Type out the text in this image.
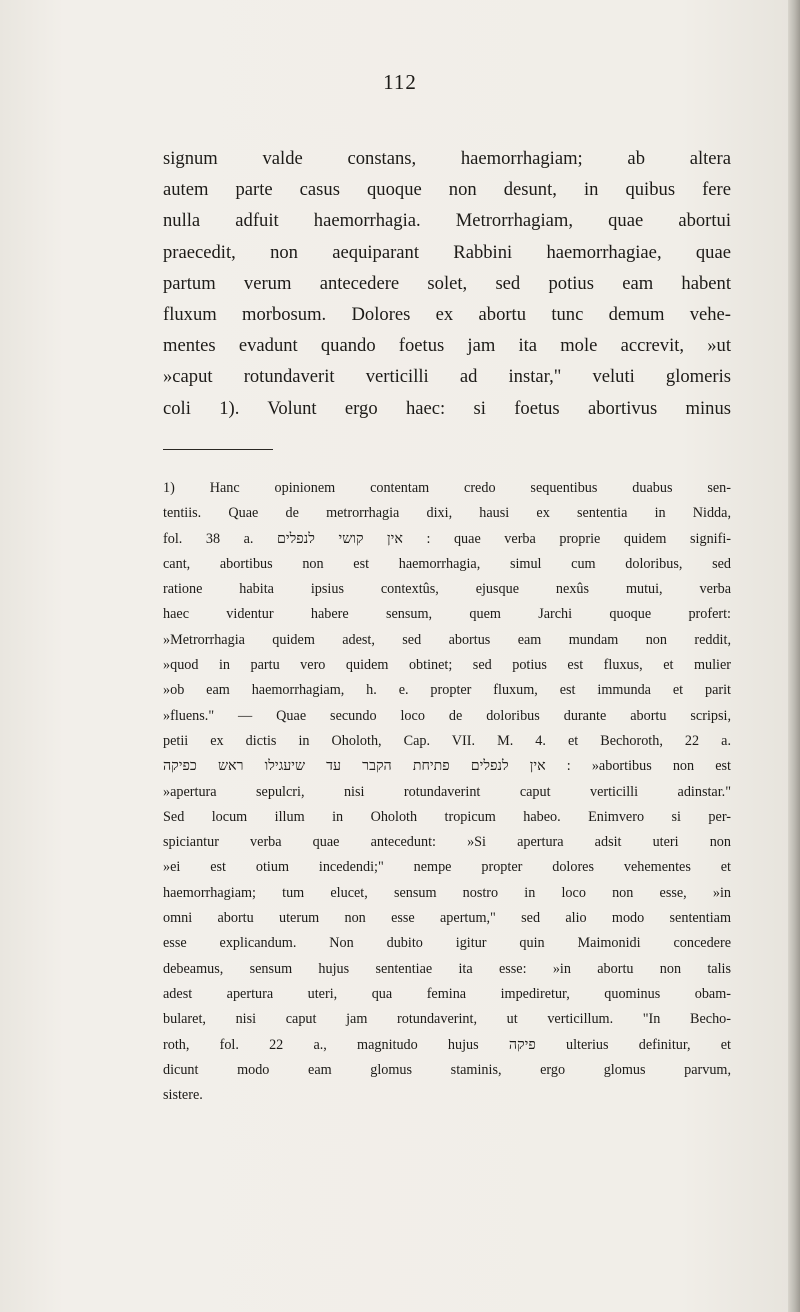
112
signum valde constans, haemorrhagiam; ab altera
autem parte casus quoque non desunt, in quibus fere
nulla adfuit haemorrhagia. Metrorrhagiam, quae abortui
praecedit, non aequiparant Rabbini haemorrhagiae, quae
partum verum antecedere solet, sed potius eam habent
fluxum morbosum. Dolores ex abortu tunc demum vehe-
mentes evadunt quando foetus jam ita mole accrevit, »ut
»caput rotundaverit verticilli ad instar," veluti glomeris
coli 1). Volunt ergo haec: si foetus abortivus minus
1) Hanc opinionem contentam credo sequentibus duabus sen-
tentiis. Quae de metrorrhagia dixi, hausi ex sententia in Nidda,
fol. 38 a. אין קושי לנפלים : quae verba proprie quidem signifi-
cant, abortibus non est haemorrhagia, simul cum doloribus, sed
ratione habita ipsius contextûs, ejusque nexûs mutui, verba
haec videntur habere sensum, quem Jarchi quoque profert:
»Metrorrhagia quidem adest, sed abortus eam mundam non reddit,
»quod in partu vero quidem obtinet; sed potius est fluxus, et mulier
»ob eam haemorrhagiam, h. e. propter fluxum, est immunda et parit
»fluens." — Quae secundo loco de doloribus durante abortu scripsi,
petii ex dictis in Oholoth, Cap. VII. M. 4. et Bechoroth, 22 a.
אין לנפלים פתיחת הקבר עד שיעגילו ראש כפיקה : »abortibus non est
»apertura sepulcri, nisi rotundaverint caput verticilli adinstar."
Sed locum illum in Oholoth tropicum habeo. Enimvero si per-
spiciantur verba quae antecedunt: »Si apertura adsit uteri non
»ei est otium incedendi;" nempe propter dolores vehementes et
haemorrhagiam; tum elucet, sensum nostro in loco non esse, »in
omni abortu uterum non esse apertum," sed alio modo sententiam
esse explicandum. Non dubito igitur quin Maimonidi concedere
debeamus, sensum hujus sententiae ita esse: »in abortu non talis
adest apertura uteri, qua femina impediretur, quominus obam-
bularet, nisi caput jam rotundaverint, ut verticillum. "In Becho-
roth, fol. 22 a., magnitudo hujus פיקה ulterius definitur, et
dicunt modo eam glomus staminis, ergo glomus parvum,
sistere.
